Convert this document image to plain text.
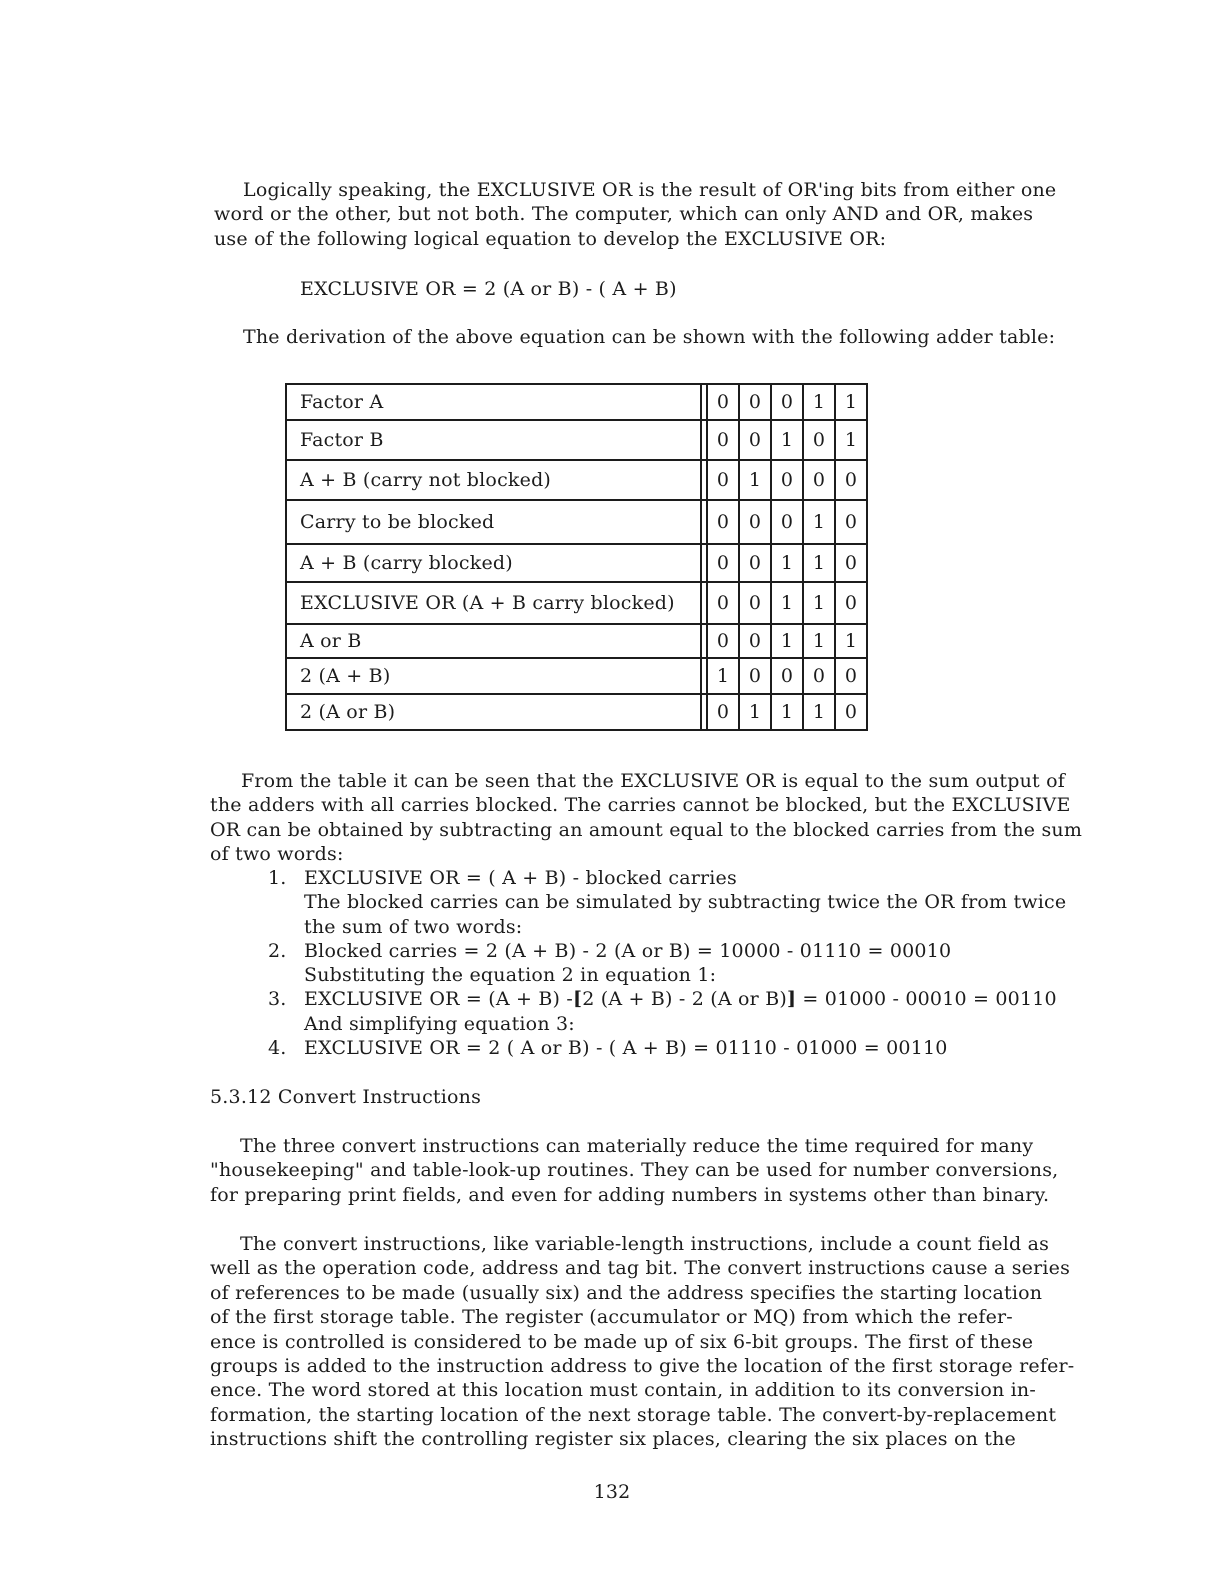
Logically speaking, the EXCLUSIVE OR is the result of OR'ing bits from either one
word or the other, but not both. The computer, which can only AND and OR, makes
use of the following logical equation to develop the EXCLUSIVE OR:
EXCLUSIVE OR = 2 (A or B) - ( A + B)
The derivation of the above equation can be shown with the following adder table:
Factor A		0	0	0	1	1
Factor B		0	0	1	0	1
A + B (carry not blocked)		0	1	0	0	0
Carry to be blocked		0	0	0	1	0
A + B (carry blocked)		0	0	1	1	0
EXCLUSIVE OR (A + B carry blocked)		0	0	1	1	0
A or B		0	0	1	1	1
2 (A + B)		1	0	0	0	0
2 (A or B)		0	1	1	1	0
From the table it can be seen that the EXCLUSIVE OR is equal to the sum output of
the adders with all carries blocked. The carries cannot be blocked, but the EXCLUSIVE
OR can be obtained by subtracting an amount equal to the blocked carries from the sum
of two words:
1. EXCLUSIVE OR = ( A + B) - blocked carries
The blocked carries can be simulated by subtracting twice the OR from twice
the sum of two words:
2. Blocked carries = 2 (A + B) - 2 (A or B) = 10000 - 01110 = 00010
Substituting the equation 2 in equation 1:
3. EXCLUSIVE OR = (A + B) -[2 (A + B) - 2 (A or B)] = 01000 - 00010 = 00110
And simplifying equation 3:
4. EXCLUSIVE OR = 2 ( A or B) - ( A + B) = 01110 - 01000 = 00110
5.3.12 Convert Instructions
The three convert instructions can materially reduce the time required for many
"housekeeping" and table-look-up routines. They can be used for number conversions,
for preparing print fields, and even for adding numbers in systems other than binary.
The convert instructions, like variable-length instructions, include a count field as
well as the operation code, address and tag bit. The convert instructions cause a series
of references to be made (usually six) and the address specifies the starting location
of the first storage table. The register (accumulator or MQ) from which the refer-
ence is controlled is considered to be made up of six 6-bit groups. The first of these
groups is added to the instruction address to give the location of the first storage refer-
ence. The word stored at this location must contain, in addition to its conversion in-
formation, the starting location of the next storage table. The convert-by-replacement
instructions shift the controlling register six places, clearing the six places on the
132
